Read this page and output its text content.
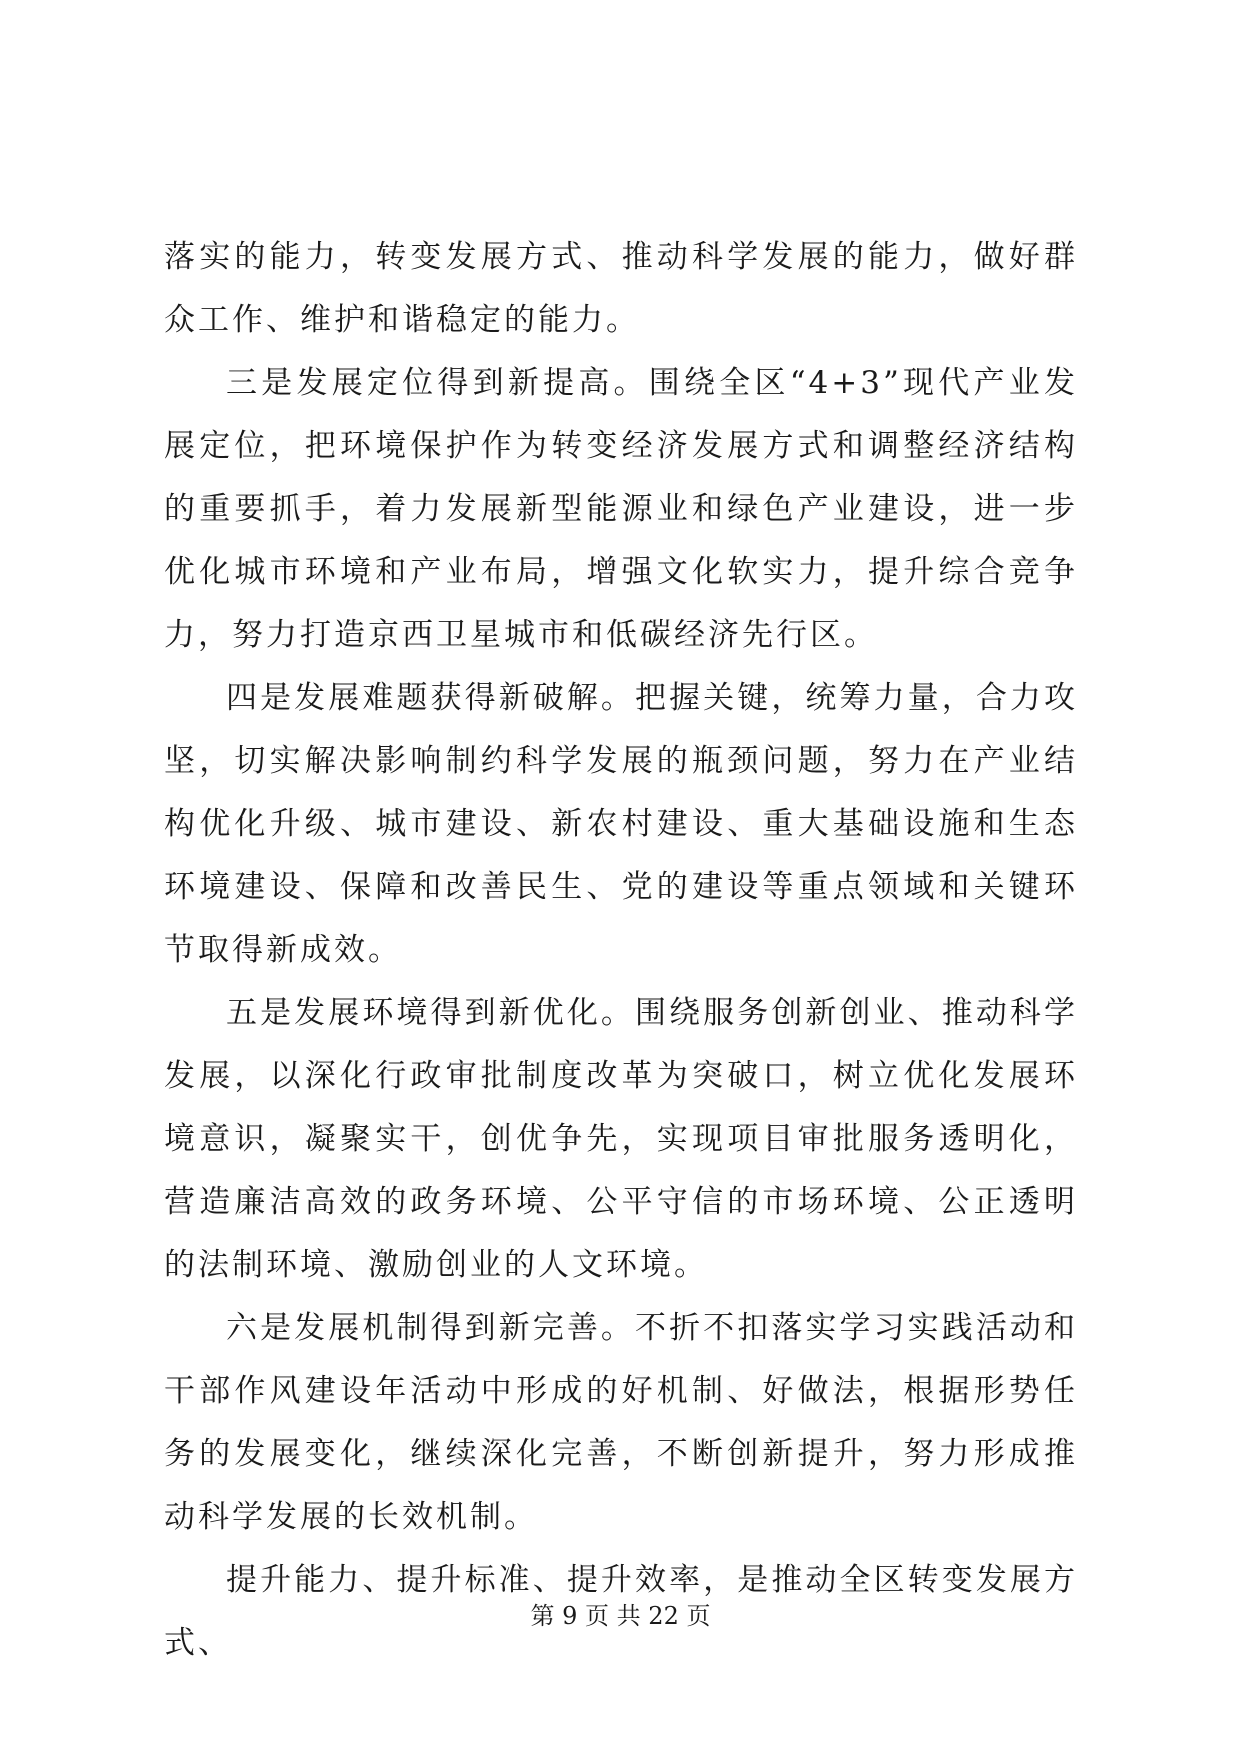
落实的能力，转变发展方式、推动科学发展的能力，做好群众工作、维护和谐稳定的能力。

三是发展定位得到新提高。围绕全区“4+3”现代产业发展定位，把环境保护作为转变经济发展方式和调整经济结构的重要抓手，着力发展新型能源业和绿色产业建设，进一步优化城市环境和产业布局，增强文化软实力，提升综合竞争力，努力打造京西卫星城市和低碳经济先行区。

四是发展难题获得新破解。把握关键，统筹力量，合力攻坚，切实解决影响制约科学发展的瓶颈问题，努力在产业结构优化升级、城市建设、新农村建设、重大基础设施和生态环境建设、保障和改善民生、党的建设等重点领域和关键环节取得新成效。

五是发展环境得到新优化。围绕服务创新创业、推动科学发展，以深化行政审批制度改革为突破口，树立优化发展环境意识，凝聚实干，创优争先，实现项目审批服务透明化，营造廉洁高效的政务环境、公平守信的市场环境、公正透明的法制环境、激励创业的人文环境。

六是发展机制得到新完善。不折不扣落实学习实践活动和干部作风建设年活动中形成的好机制、好做法，根据形势任务的发展变化，继续深化完善，不断创新提升，努力形成推动科学发展的长效机制。

提升能力、提升标准、提升效率，是推动全区转变发展方式、

第 9 页 共 22 页
